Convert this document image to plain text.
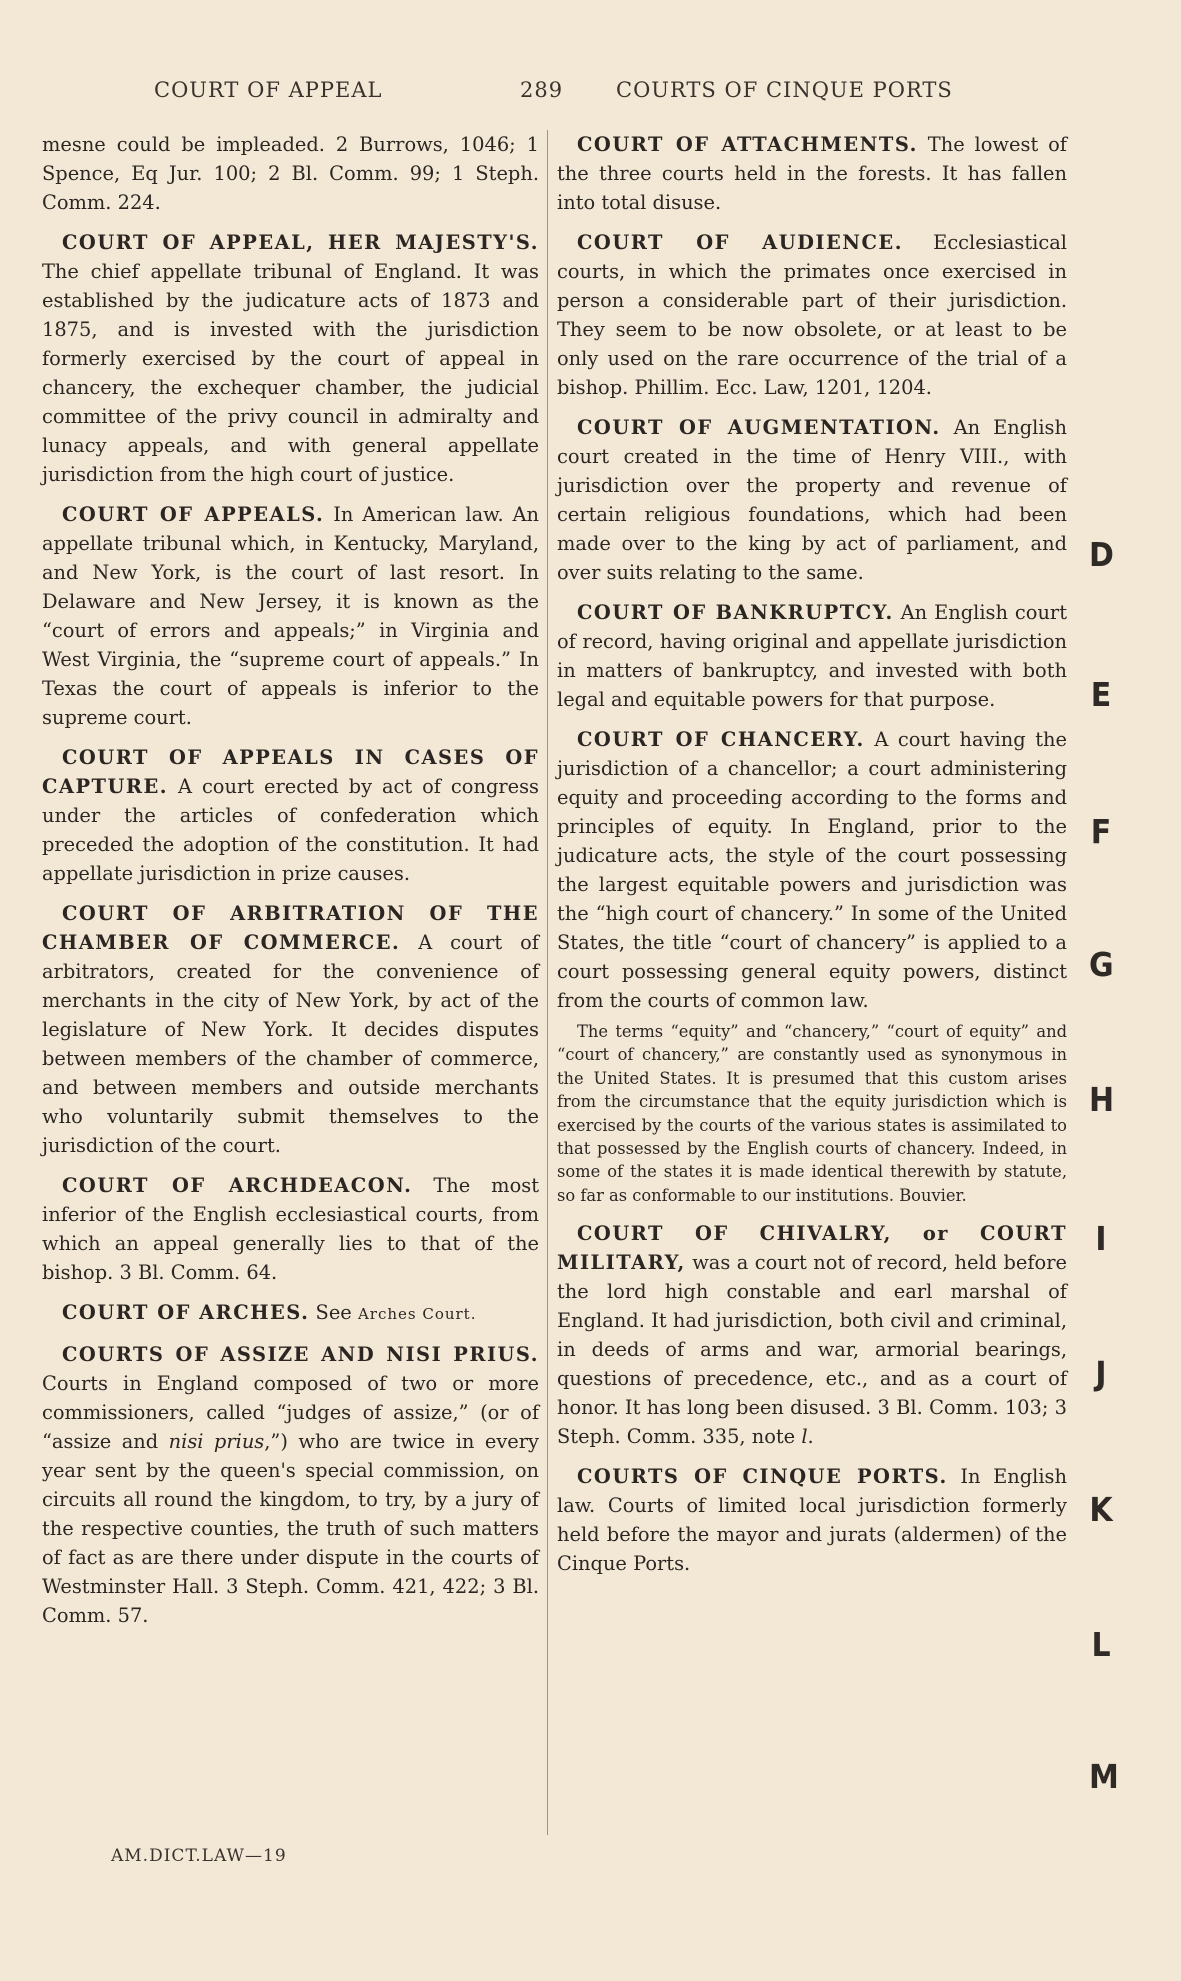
COURT OF APPEAL	289	COURTS OF CINQUE PORTS

mesne could be impleaded. 2 Burrows, 1046; 1 Spence, Eq Jur. 100; 2 Bl. Comm. 99; 1 Steph. Comm. 224.

COURT OF APPEAL, HER MAJESTY'S. The chief appellate tribunal of England. It was established by the judicature acts of 1873 and 1875, and is invested with the jurisdiction formerly exercised by the court of appeal in chancery, the exchequer chamber, the judicial committee of the privy council in admiralty and lunacy appeals, and with general appellate jurisdiction from the high court of justice.

COURT OF APPEALS. In American law. An appellate tribunal which, in Kentucky, Maryland, and New York, is the court of last resort. In Delaware and New Jersey, it is known as the “court of errors and appeals;” in Virginia and West Virginia, the “supreme court of appeals.” In Texas the court of appeals is inferior to the supreme court.

COURT OF APPEALS IN CASES OF CAPTURE. A court erected by act of congress under the articles of confederation which preceded the adoption of the constitution. It had appellate jurisdiction in prize causes.

COURT OF ARBITRATION OF THE CHAMBER OF COMMERCE. A court of arbitrators, created for the convenience of merchants in the city of New York, by act of the legislature of New York. It decides disputes between members of the chamber of commerce, and between members and outside merchants who voluntarily submit themselves to the jurisdiction of the court.

COURT OF ARCHDEACON. The most inferior of the English ecclesiastical courts, from which an appeal generally lies to that of the bishop. 3 Bl. Comm. 64.

COURT OF ARCHES. See Arches Court.

COURTS OF ASSIZE AND NISI PRIUS. Courts in England composed of two or more commissioners, called “judges of assize,” (or of “assize and nisi prius,”) who are twice in every year sent by the queen's special commission, on circuits all round the kingdom, to try, by a jury of the respective counties, the truth of such matters of fact as are there under dispute in the courts of Westminster Hall. 3 Steph. Comm. 421, 422; 3 Bl. Comm. 57.

COURT OF ATTACHMENTS. The lowest of the three courts held in the forests. It has fallen into total disuse.

COURT OF AUDIENCE. Ecclesiastical courts, in which the primates once exercised in person a considerable part of their jurisdiction. They seem to be now obsolete, or at least to be only used on the rare occurrence of the trial of a bishop. Phillim. Ecc. Law, 1201, 1204.

COURT OF AUGMENTATION. An English court created in the time of Henry VIII., with jurisdiction over the property and revenue of certain religious foundations, which had been made over to the king by act of parliament, and over suits relating to the same.

COURT OF BANKRUPTCY. An English court of record, having original and appellate jurisdiction in matters of bankruptcy, and invested with both legal and equitable powers for that purpose.

COURT OF CHANCERY. A court having the jurisdiction of a chancellor; a court administering equity and proceeding according to the forms and principles of equity. In England, prior to the judicature acts, the style of the court possessing the largest equitable powers and jurisdiction was the “high court of chancery.” In some of the United States, the title “court of chancery” is applied to a court possessing general equity powers, distinct from the courts of common law.

The terms “equity” and “chancery,” “court of equity” and “court of chancery,” are constantly used as synonymous in the United States. It is presumed that this custom arises from the circumstance that the equity jurisdiction which is exercised by the courts of the various states is assimilated to that possessed by the English courts of chancery. Indeed, in some of the states it is made identical therewith by statute, so far as conformable to our institutions. Bouvier.

COURT OF CHIVALRY, or COURT MILITARY, was a court not of record, held before the lord high constable and earl marshal of England. It had jurisdiction, both civil and criminal, in deeds of arms and war, armorial bearings, questions of precedence, etc., and as a court of honor. It has long been disused. 3 Bl. Comm. 103; 3 Steph. Comm. 335, note l.

COURTS OF CINQUE PORTS. In English law. Courts of limited local jurisdiction formerly held before the mayor and jurats (aldermen) of the Cinque Ports.

AM.DICT.LAW—19
D
E
F
G
H
I
J
K
L
M
